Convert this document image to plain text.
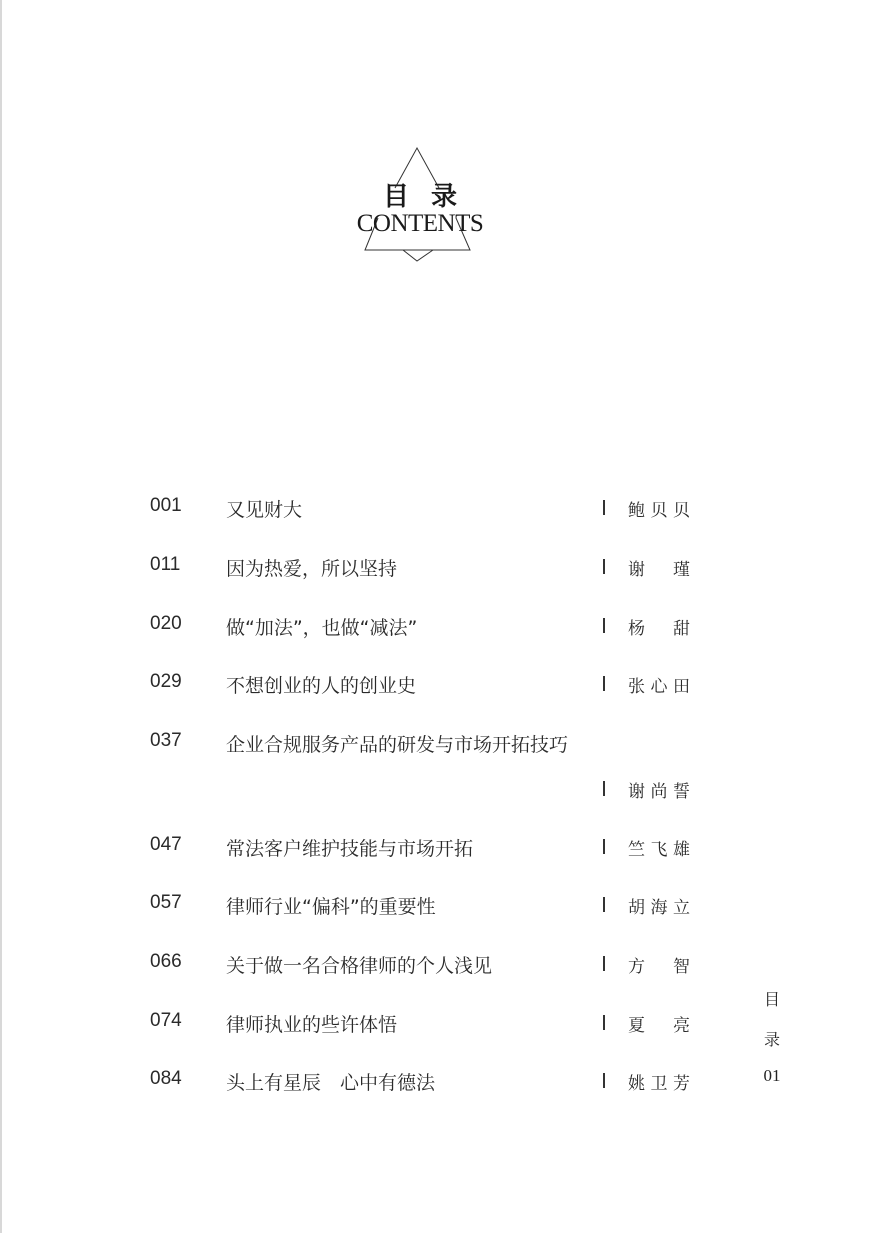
目录
CONTENTS
001 又见财大	鲍 贝 贝
011 因为热爱，所以坚持	谢 瑾
020 做“加法”，也做“减法”	杨 甜
029 不想创业的人的创业史	张 心 田
037 企业合规服务产品的研发与市场开拓技巧
谢 尚 誓
047 常法客户维护技能与市场开拓	竺 飞 雄
057 律师行业“偏科”的重要性	胡 海 立
066 关于做一名合格律师的个人浅见	方 智
074 律师执业的些许体悟	夏 亮
084 头上有星辰　心中有德法	姚 卫 芳
目
录
01
